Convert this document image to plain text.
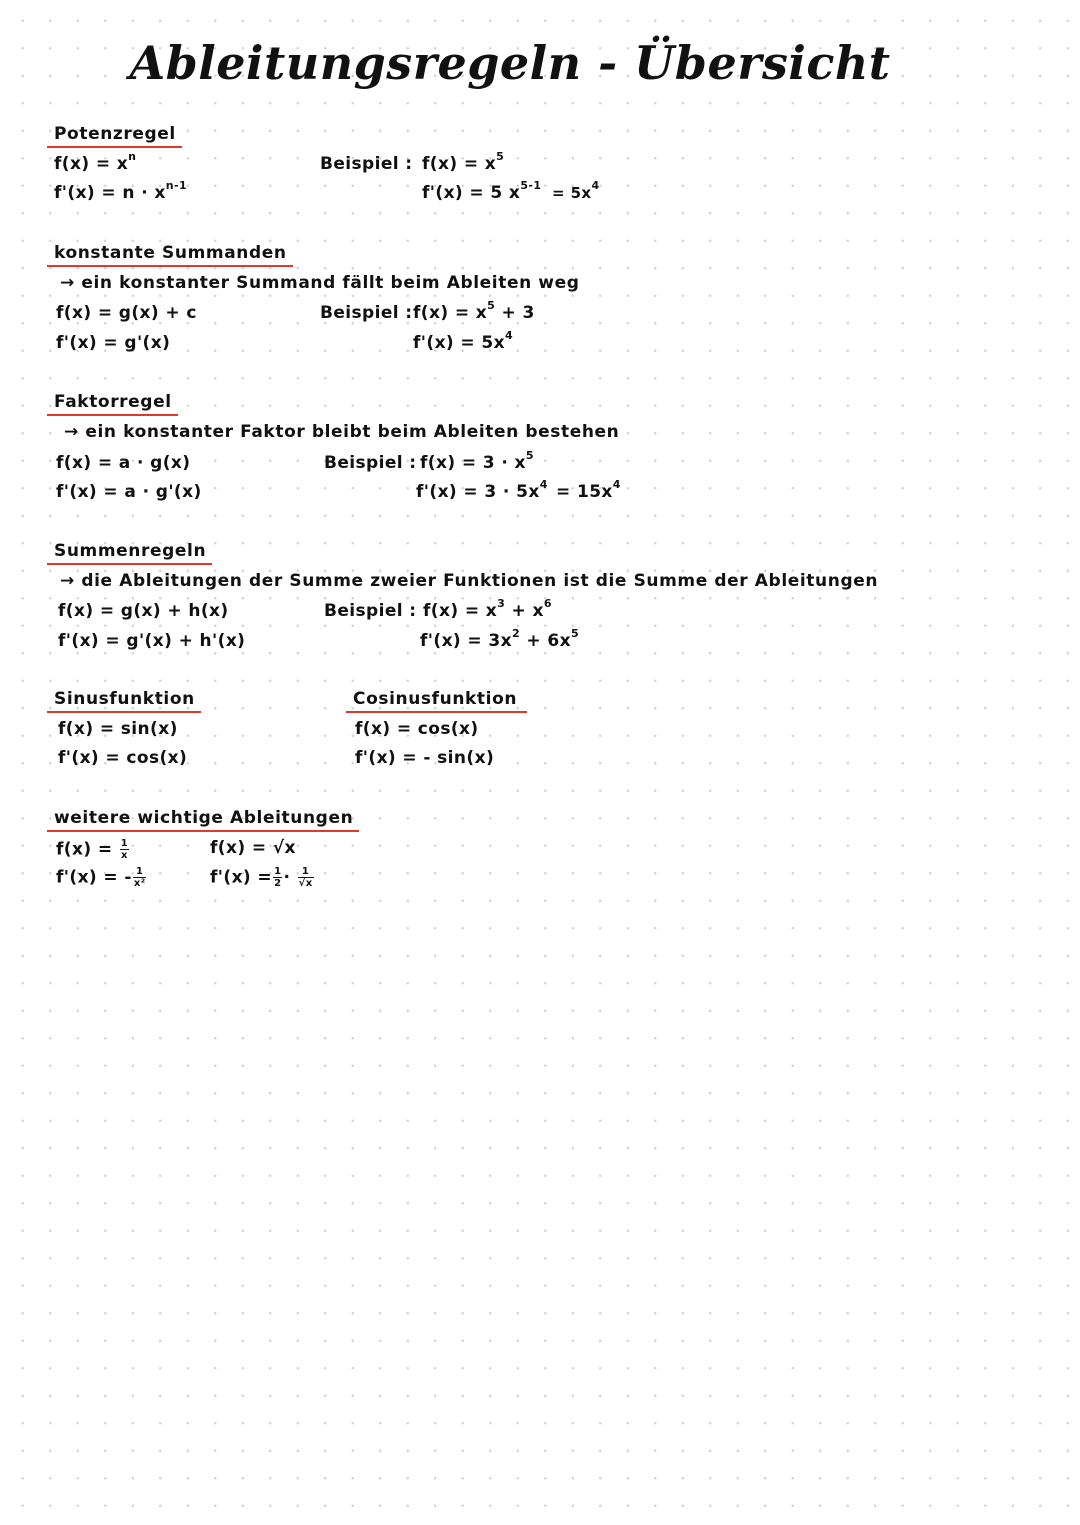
Ableitungsregeln - Übersicht
Potenzregel
$f(x) = x^n$
$f'(x) = n \cdot x^{n-1}$
Beispiel : $f(x) = x^5$
f'(x) = 5 $x^{5-1} = 5x^4$
konstante Summanden
→ ein konstanter Summand fällt beim Ableiten weg
f(x) = g(x) + c
f'(x) = g'(x)
Beispiel : $f(x) = x^5 + 3$
$f'(x) = 5x^4$
Faktorregel
→ ein konstanter Faktor bleibt beim Ableiten bestehen
f(x) = a · g(x)
f'(x) = a · g'(x)
Beispiel : $f(x) = 3 \cdot x^5$
$f'(x) = 3 \cdot 5x^4 = 15x^4$
Summenregeln
→ die Ableitungen der Summe zweier Funktionen ist die Summe der Ableitungen
f(x) = g(x) + h(x)
f'(x) = g'(x) + h'(x)
Beispiel : $f(x) = x^3 + x^6$
$f'(x) = 3x^2 + 6x^5$
Sinusfunktion
f(x) = sin(x)
f'(x) = cos(x)
Cosinusfunktion
f(x) = cos(x)
f'(x) = - sin(x)
weitere wichtige Ableitungen
$f(x) = \frac{1}{x}$
f'(x) = - $\frac{1}{\text{x²}}$
f(x) = √x
$f'(x) = \frac{1}{2} \cdot \frac{1}{√x}$
